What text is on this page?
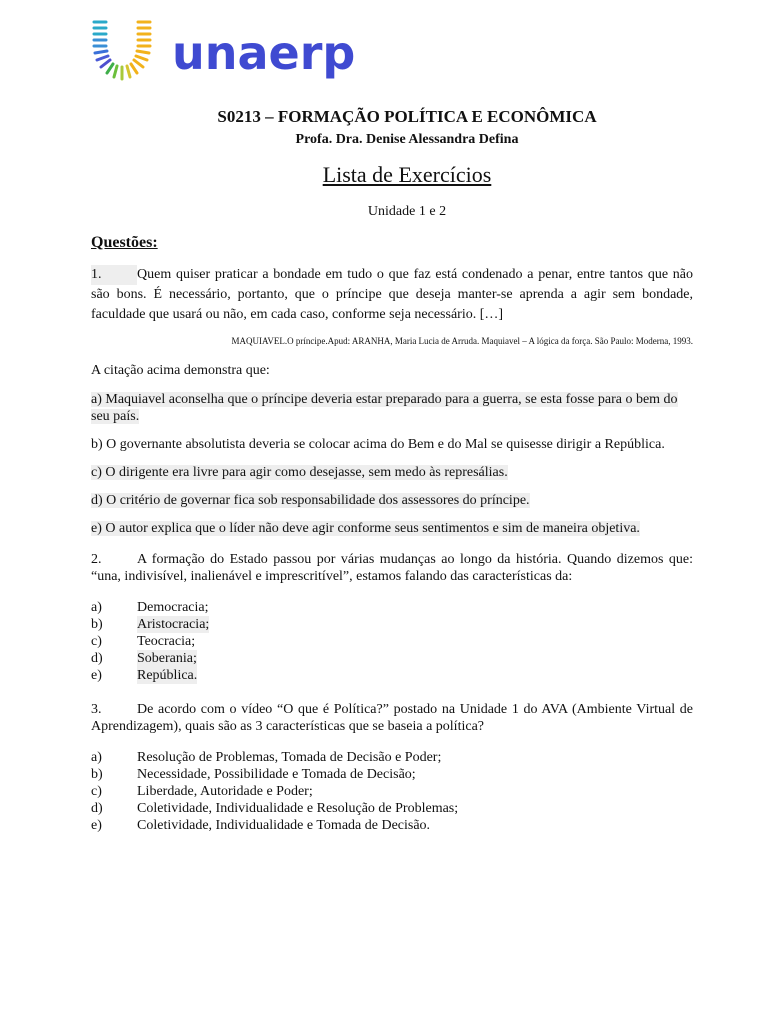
unaerp
S0213 – FORMAÇÃO POLÍTICA E ECONÔMICA
Profa. Dra. Denise Alessandra Defina
Lista de Exercícios
Unidade 1 e 2
Questões:

1.	Quem quiser praticar a bondade em tudo o que faz está condenado a penar, entre tantos que não são bons. É necessário, portanto, que o príncipe que deseja manter-se aprenda a agir sem bondade, faculdade que usará ou não, em cada caso, conforme seja necessário. […]

MAQUIAVEL.O príncipe.Apud: ARANHA, Maria Lucia de Arruda. Maquiavel – A lógica da força. São Paulo: Moderna, 1993.

A citação acima demonstra que:

a) Maquiavel aconselha que o príncipe deveria estar preparado para a guerra, se esta fosse para o bem do seu país.

b) O governante absolutista deveria se colocar acima do Bem e do Mal se quisesse dirigir a República.

c) O dirigente era livre para agir como desejasse, sem medo às represálias.

d) O critério de governar fica sob responsabilidade dos assessores do príncipe.

e) O autor explica que o líder não deve agir conforme seus sentimentos e sim de maneira objetiva.

2.	A formação do Estado passou por várias mudanças ao longo da história. Quando dizemos que: “una, indivisível, inalienável e imprescritível”, estamos falando das características da:

a)	Democracia;
b)	Aristocracia;
c)	Teocracia;
d)	Soberania;
e)	República.

3.	De acordo com o vídeo “O que é Política?” postado na Unidade 1 do AVA (Ambiente Virtual de Aprendizagem), quais são as 3 características que se baseia a política?

a)	Resolução de Problemas, Tomada de Decisão e Poder;
b)	Necessidade, Possibilidade e Tomada de Decisão;
c)	Liberdade, Autoridade e Poder;
d)	Coletividade, Individualidade e Resolução de Problemas;
e)	Coletividade, Individualidade e Tomada de Decisão.
